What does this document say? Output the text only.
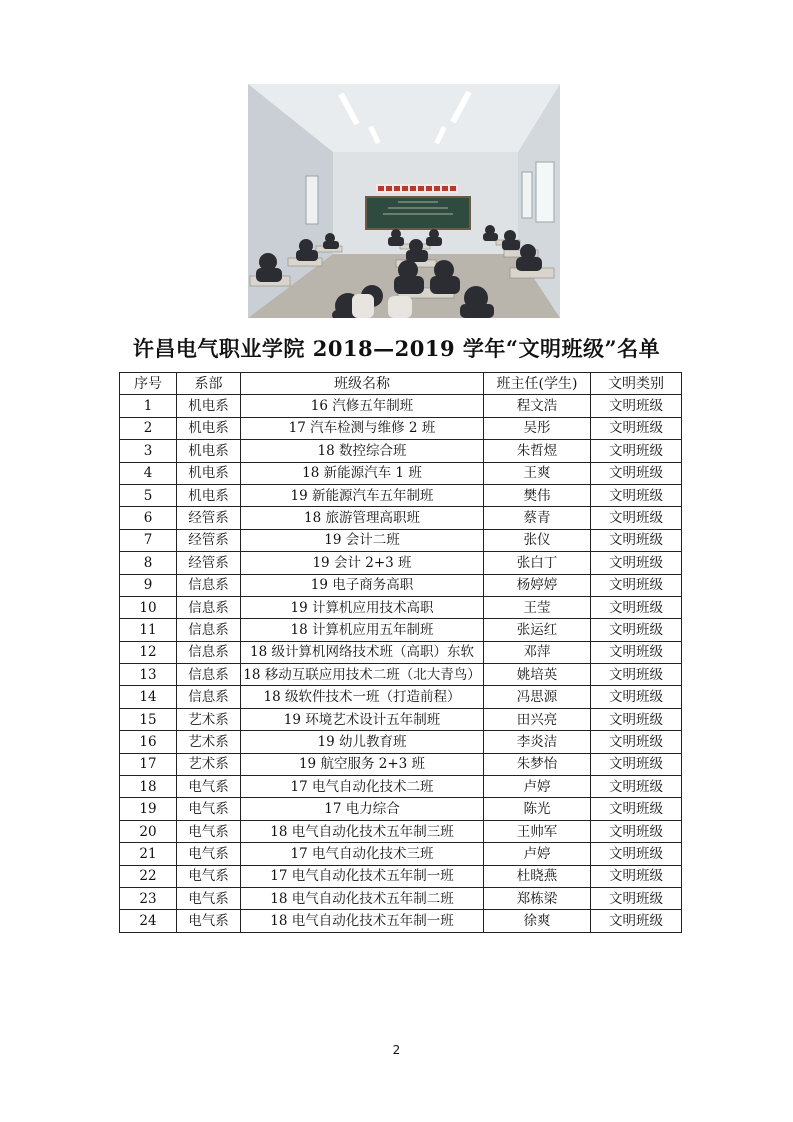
许昌电气职业学院 2018—2019 学年“文明班级”名单
序号	系部	班级名称	班主任(学生)	文明类别
1	机电系	16 汽修五年制班	程文浩	文明班级
2	机电系	17 汽车检测与维修 2 班	吴彤	文明班级
3	机电系	18 数控综合班	朱哲煜	文明班级
4	机电系	18 新能源汽车 1 班	王爽	文明班级
5	机电系	19 新能源汽车五年制班	樊伟	文明班级
6	经管系	18 旅游管理高职班	蔡青	文明班级
7	经管系	19 会计二班	张仪	文明班级
8	经管系	19 会计 2+3 班	张白丁	文明班级
9	信息系	19 电子商务高职	杨婷婷	文明班级
10	信息系	19 计算机应用技术高职	王莹	文明班级
11	信息系	18 计算机应用五年制班	张运红	文明班级
12	信息系	18 级计算机网络技术班（高职）东软	邓萍	文明班级
13	信息系	18 移动互联应用技术二班（北大青鸟）	姚培英	文明班级
14	信息系	18 级软件技术一班（打造前程）	冯思源	文明班级
15	艺术系	19 环境艺术设计五年制班	田兴亮	文明班级
16	艺术系	19 幼儿教育班	李炎洁	文明班级
17	艺术系	19 航空服务 2+3 班	朱梦怡	文明班级
18	电气系	17 电气自动化技术二班	卢婷	文明班级
19	电气系	17 电力综合	陈光	文明班级
20	电气系	18 电气自动化技术五年制三班	王帅军	文明班级
21	电气系	17 电气自动化技术三班	卢婷	文明班级
22	电气系	17 电气自动化技术五年制一班	杜晓燕	文明班级
23	电气系	18 电气自动化技术五年制二班	郑栋梁	文明班级
24	电气系	18 电气自动化技术五年制一班	徐爽	文明班级
2
